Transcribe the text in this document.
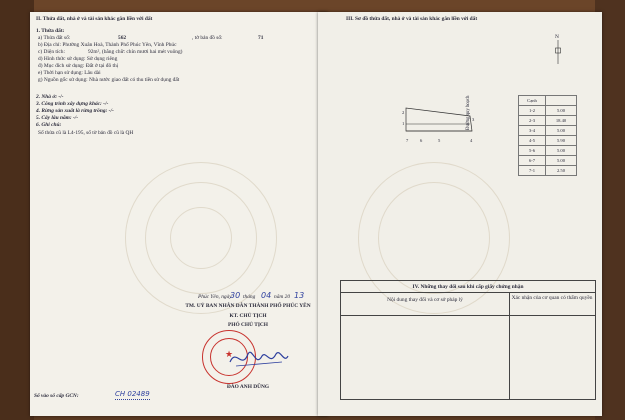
II. Thửa đất, nhà ở và tài sản khác gắn liền với đất
1. Thửa đất:
a) Thửa đất số:	562	, tờ bản đồ số:	71
b) Địa chỉ: Phường Xuân Hoà, Thành Phố Phúc Yên, Vĩnh Phúc
c) Diện tích:	92m², (bằng chữ: chín mươi hai mét vuông)
d) Hình thức sử dụng: Sử dụng riêng
đ) Mục đích sử dụng: Đất ở tại đô thị
e) Thời hạn sử dụng: Lâu dài
g) Nguồn gốc sử dụng: Nhà nước giao đất có thu tiền sử dụng đất
2. Nhà ở: -/-
3. Công trình xây dựng khác: -/-
4. Rừng sản xuất là rừng trồng: -/-
5. Cây lâu năm: -/-
6. Ghi chú:
Số thửa cũ là L4-195, số tờ bản đồ cũ là QH
Phúc Yên, ngày
30 tháng 04 năm 20 13
TM. UỶ BAN NHÂN DÂN THÀNH PHỐ PHÚC YÊN
KT. CHỦ TỊCH
PHÓ CHỦ TỊCH
★
ĐÀO ANH DŨNG
Số vào sổ cấp GCN:	CH 02489
III. Sơ đồ thửa đất, nhà ở và tài sản khác gắn liền với đất
N
2
1
3
7	6	5	4
Đường quy hoạch	Cạnh	
1-2	5.00
2-3	18.40
3-4	5.00
4-5	5.90
5-6	5.00
6-7	5.00
7-1	2.50
IV. Những thay đổi sau khi cấp giấy chứng nhận
Nội dung thay đổi và cơ sở pháp lý	Xác nhận của cơ quan có thẩm quyền
